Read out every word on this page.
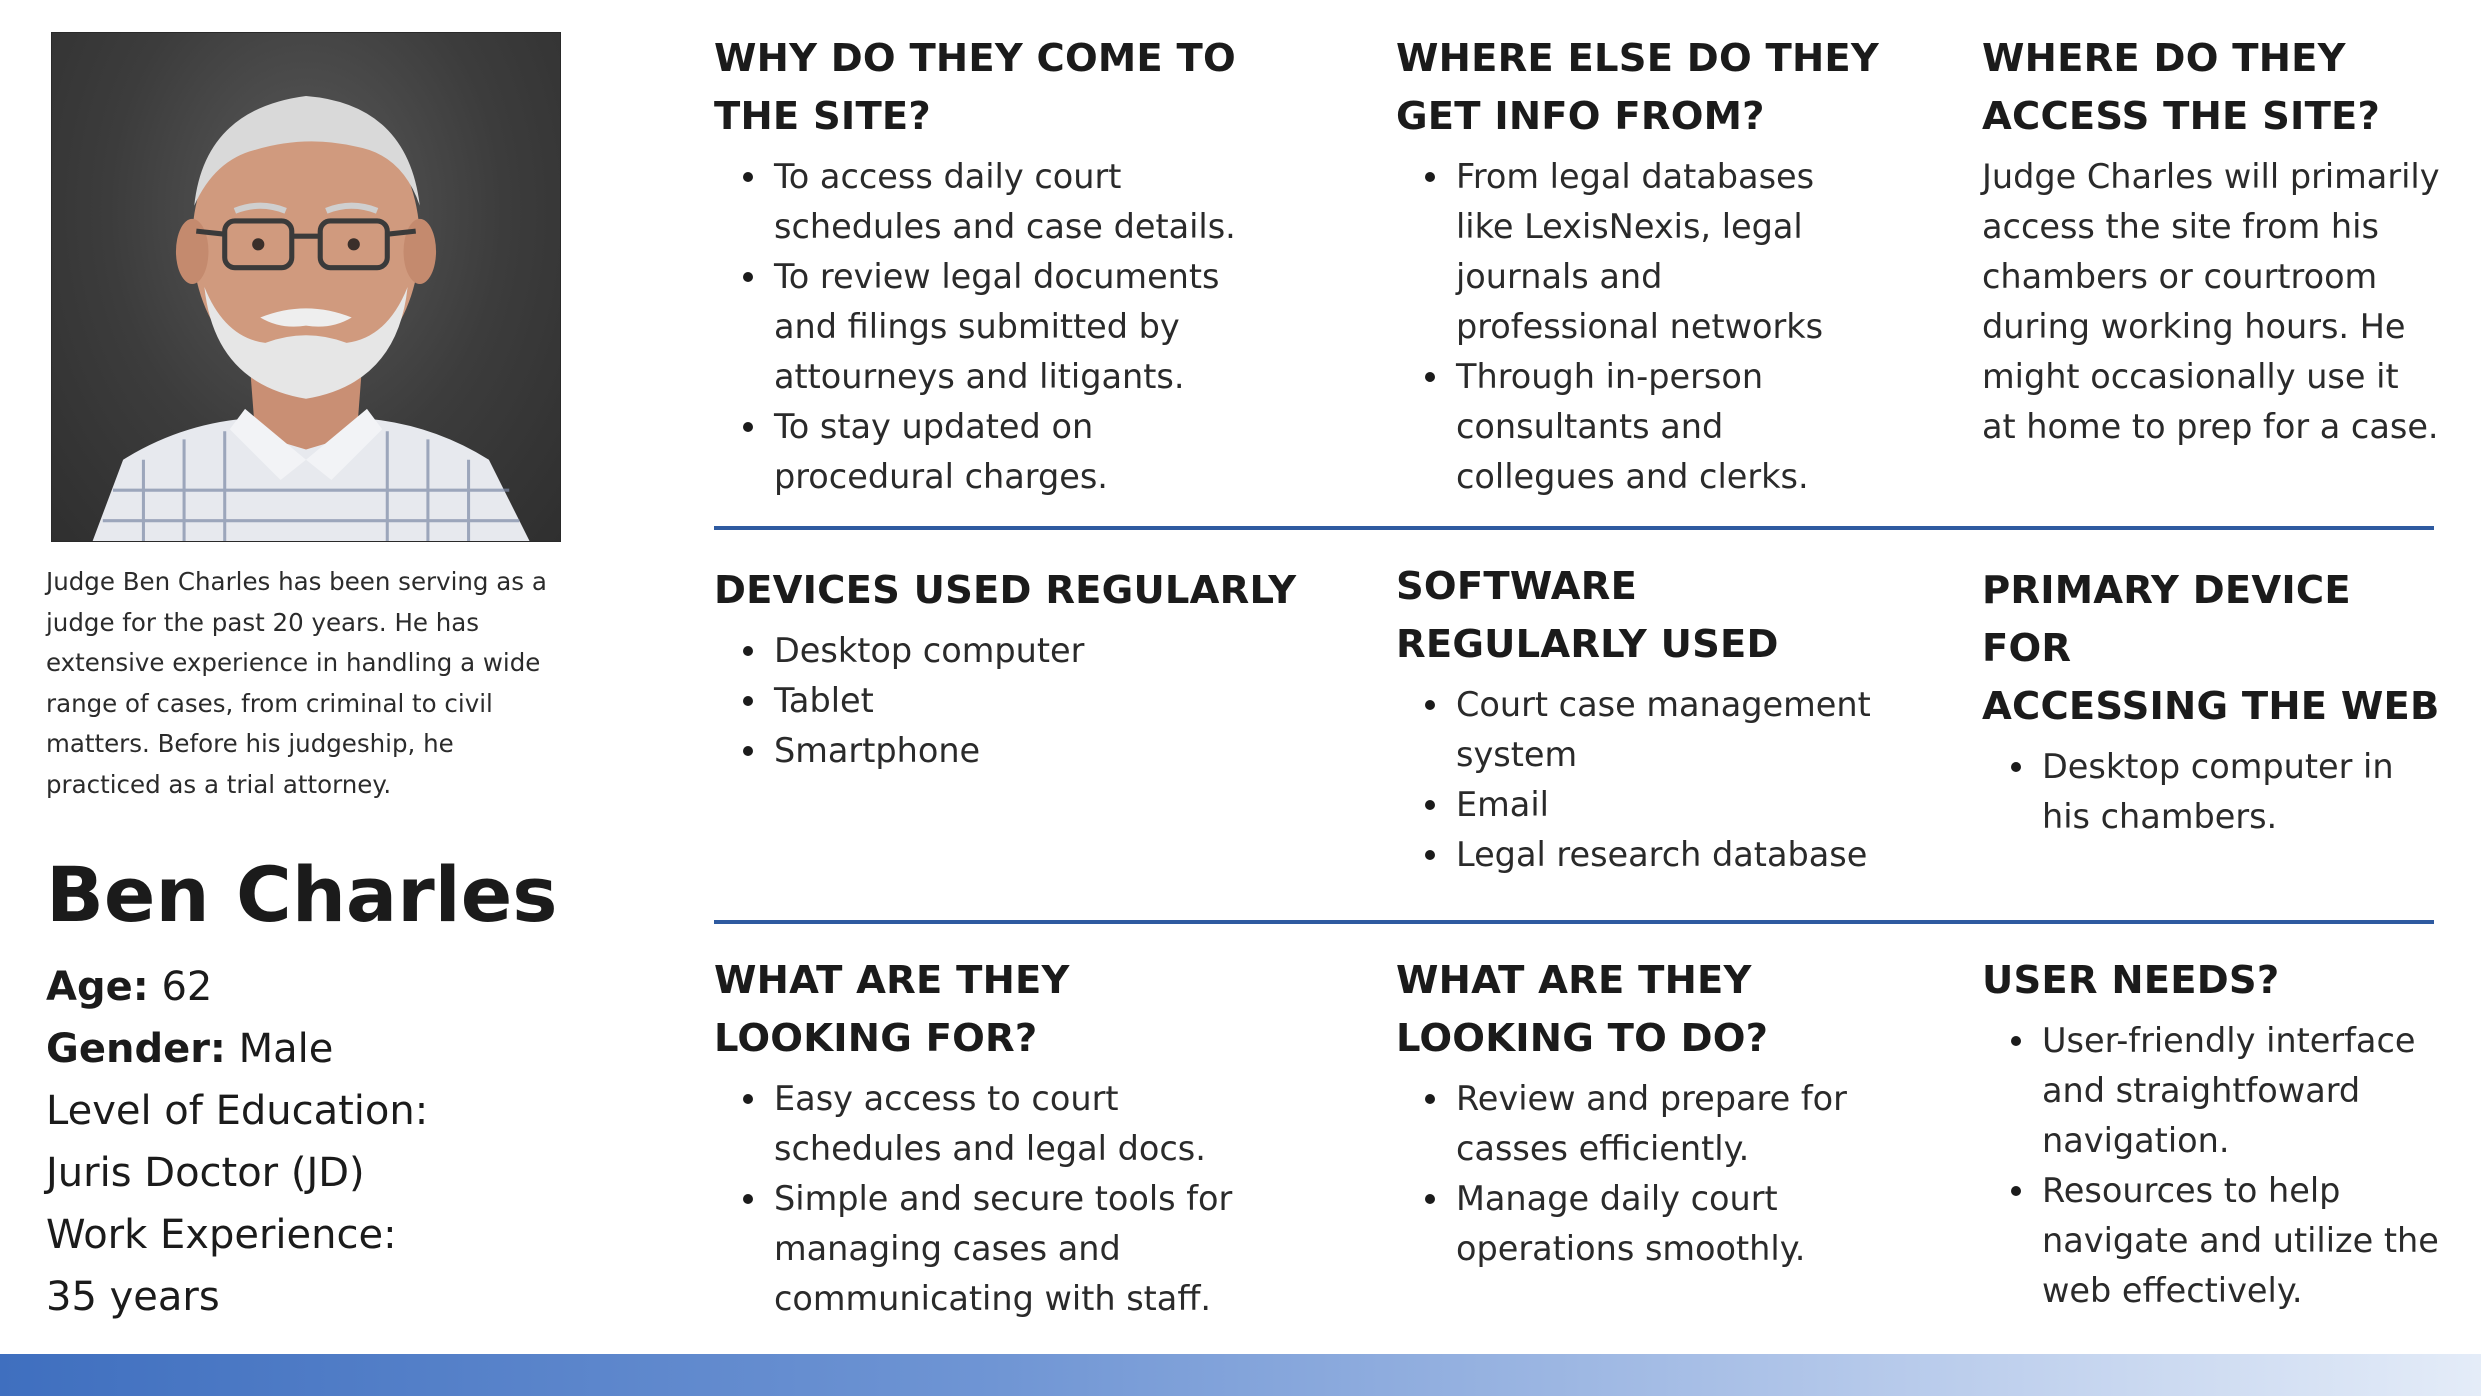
Judge Ben Charles has been serving as a judge for the past 20 years. He has extensive experience in handling a wide range of cases, from criminal to civil matters. Before his judgeship, he practiced as a trial attorney.

Ben Charles

Age: 62

Gender: Male

Level of Education:

Juris Doctor (JD)

Work Experience:

35 years

WHY DO THEY COME TO
THE SITE?
To access daily court schedules and case details.
To review legal documents and filings submitted by attourneys and litigants.
To stay updated on procedural charges.
WHERE ELSE DO THEY
GET INFO FROM?
From legal databases like LexisNexis, legal journals and professional networks
Through in-person consultants and collegues and clerks.
WHERE DO THEY
ACCESS THE SITE?

Judge Charles will primarily access the site from his chambers or courtroom during working hours. He might occasionally use it at home to prep for a case.

DEVICES USED REGULARLY
Desktop computer
Tablet
Smartphone
SOFTWARE
REGULARLY USED
Court case management system
Email
Legal research database
PRIMARY DEVICE FOR
ACCESSING THE WEB
Desktop computer in his chambers.
WHAT ARE THEY
LOOKING FOR?
Easy access to court schedules and legal docs.
Simple and secure tools for managing cases and communicating with staff.
WHAT ARE THEY
LOOKING TO DO?
Review and prepare for casses efficiently.
Manage daily court operations smoothly.
USER NEEDS?
User-friendly interface and straightfoward navigation.
Resources to help navigate and utilize the web effectively.
